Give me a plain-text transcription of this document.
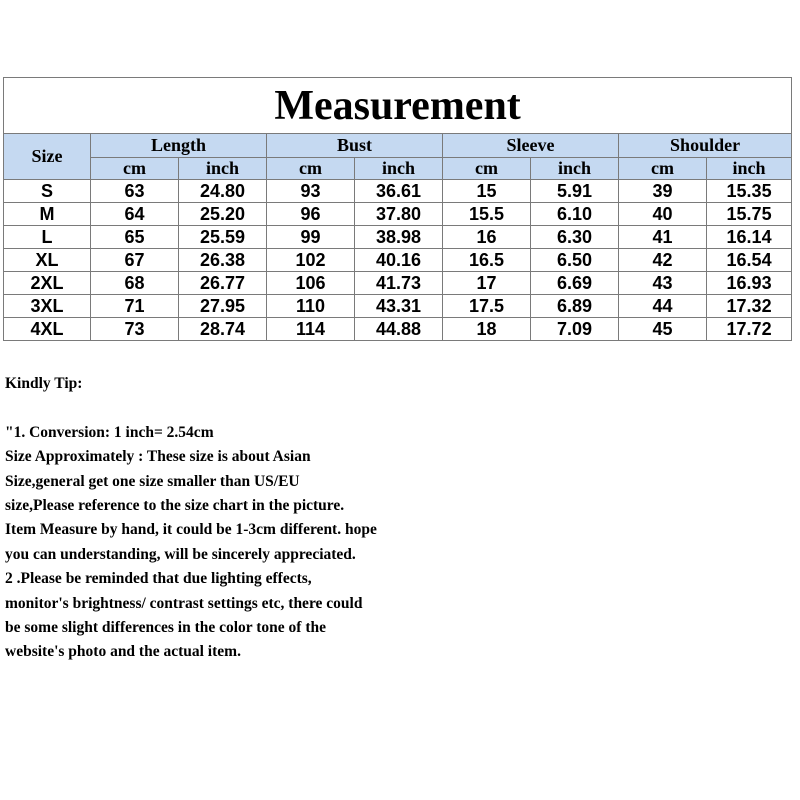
Measurement								
Size	Length		Bust		Sleeve		Shoulder	
	cm	inch	cm	inch	cm	inch	cm	inch
S	63	24.80	93	36.61	15	5.91	39	15.35
M	64	25.20	96	37.80	15.5	6.10	40	15.75
L	65	25.59	99	38.98	16	6.30	41	16.14
XL	67	26.38	102	40.16	16.5	6.50	42	16.54
2XL	68	26.77	106	41.73	17	6.69	43	16.93
3XL	71	27.95	110	43.31	17.5	6.89	44	17.32
4XL	73	28.74	114	44.88	18	7.09	45	17.72
Kindly Tip:
"1. Conversion: 1 inch= 2.54cm
Size Approximately : These size is about Asian
Size,general get one size smaller than US/EU
size,Please reference to the size chart in the picture.
Item Measure by hand, it could be 1-3cm different. hope
you can understanding, will be sincerely appreciated.
2 .Please be reminded that due lighting effects,
monitor's brightness/ contrast settings etc, there could
be some slight differences in the color tone of the
website's photo and the actual item.
